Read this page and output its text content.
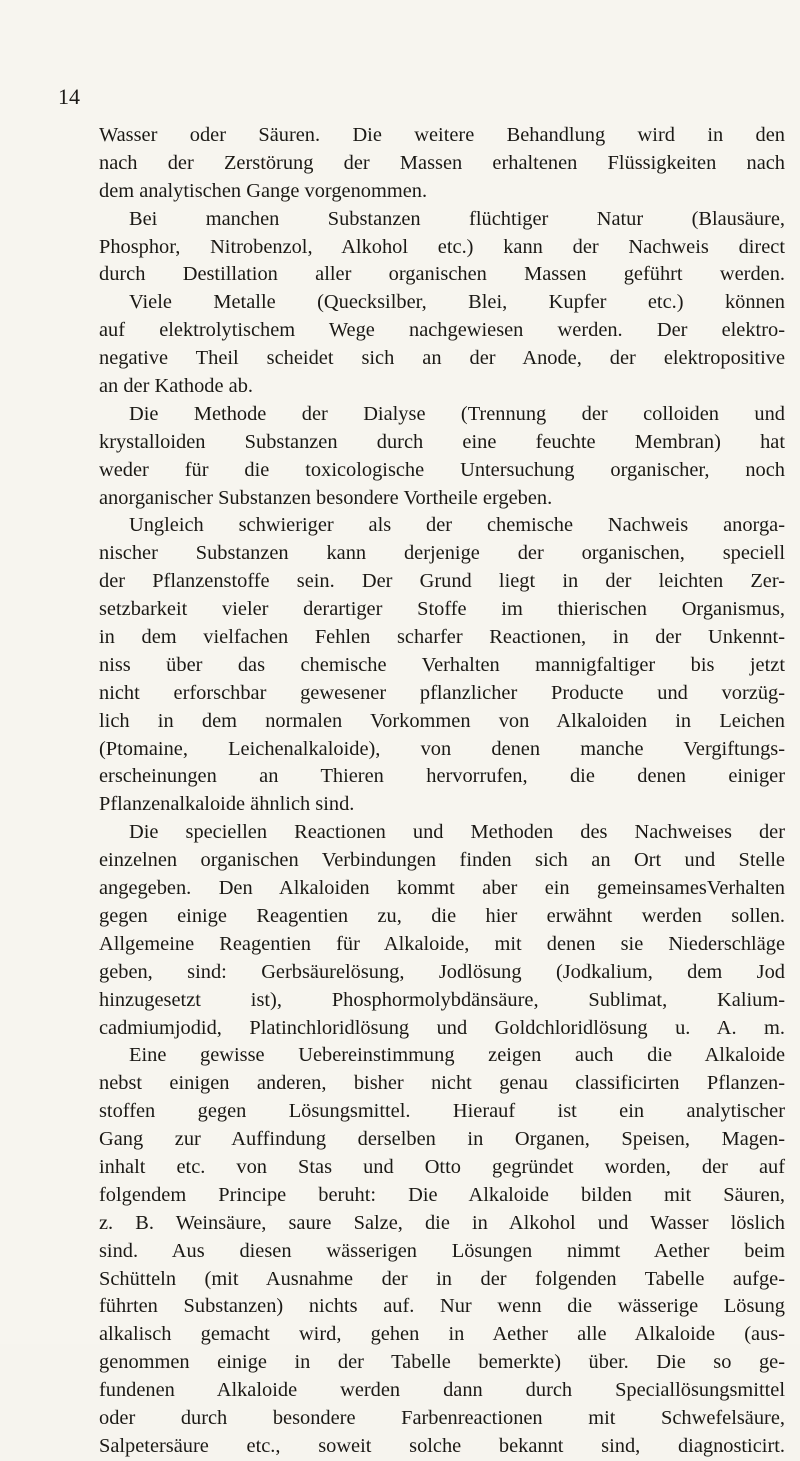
14
Wasser oder Säuren. Die weitere Behandlung wird in den
nach der Zerstörung der Massen erhaltenen Flüssigkeiten nach
dem analytischen Gange vorgenommen.
Bei manchen Substanzen flüchtiger Natur (Blausäure,
Phosphor, Nitrobenzol, Alkohol etc.) kann der Nachweis direct
durch Destillation aller organischen Massen geführt werden.
Viele Metalle (Quecksilber, Blei, Kupfer etc.) können
auf elektrolytischem Wege nachgewiesen werden. Der elektro-
negative Theil scheidet sich an der Anode, der elektropositive
an der Kathode ab.
Die Methode der Dialyse (Trennung der colloiden und
krystalloiden Substanzen durch eine feuchte Membran) hat
weder für die toxicologische Untersuchung organischer, noch
anorganischer Substanzen besondere Vortheile ergeben.
Ungleich schwieriger als der chemische Nachweis anorga-
nischer Substanzen kann derjenige der organischen, speciell
der Pflanzenstoffe sein. Der Grund liegt in der leichten Zer-
setzbarkeit vieler derartiger Stoffe im thierischen Organismus,
in dem vielfachen Fehlen scharfer Reactionen, in der Unkennt-
niss über das chemische Verhalten mannigfaltiger bis jetzt
nicht erforschbar gewesener pflanzlicher Producte und vorzüg-
lich in dem normalen Vorkommen von Alkaloiden in Leichen
(Ptomaine, Leichenalkaloide), von denen manche Vergiftungs-
erscheinungen an Thieren hervorrufen, die denen einiger
Pflanzenalkaloide ähnlich sind.
Die speciellen Reactionen und Methoden des Nachweises der
einzelnen organischen Verbindungen finden sich an Ort und Stelle
angegeben. Den Alkaloiden kommt aber ein gemeinsamesVerhalten
gegen einige Reagentien zu, die hier erwähnt werden sollen.
Allgemeine Reagentien für Alkaloide, mit denen sie Niederschläge
geben, sind: Gerbsäurelösung, Jodlösung (Jodkalium, dem Jod
hinzugesetzt ist), Phosphormolybdänsäure, Sublimat, Kalium-
cadmiumjodid, Platinchloridlösung und Goldchloridlösung u. A. m.
Eine gewisse Uebereinstimmung zeigen auch die Alkaloide
nebst einigen anderen, bisher nicht genau classificirten Pflanzen-
stoffen gegen Lösungsmittel. Hierauf ist ein analytischer
Gang zur Auffindung derselben in Organen, Speisen, Magen-
inhalt etc. von Stas und Otto gegründet worden, der auf
folgendem Principe beruht: Die Alkaloide bilden mit Säuren,
z. B. Weinsäure, saure Salze, die in Alkohol und Wasser löslich
sind. Aus diesen wässerigen Lösungen nimmt Aether beim
Schütteln (mit Ausnahme der in der folgenden Tabelle aufge-
führten Substanzen) nichts auf. Nur wenn die wässerige Lösung
alkalisch gemacht wird, gehen in Aether alle Alkaloide (aus-
genommen einige in der Tabelle bemerkte) über. Die so ge-
fundenen Alkaloide werden dann durch Speciallösungsmittel
oder durch besondere Farbenreactionen mit Schwefelsäure,
Salpetersäure etc., soweit solche bekannt sind, diagnosticirt.
